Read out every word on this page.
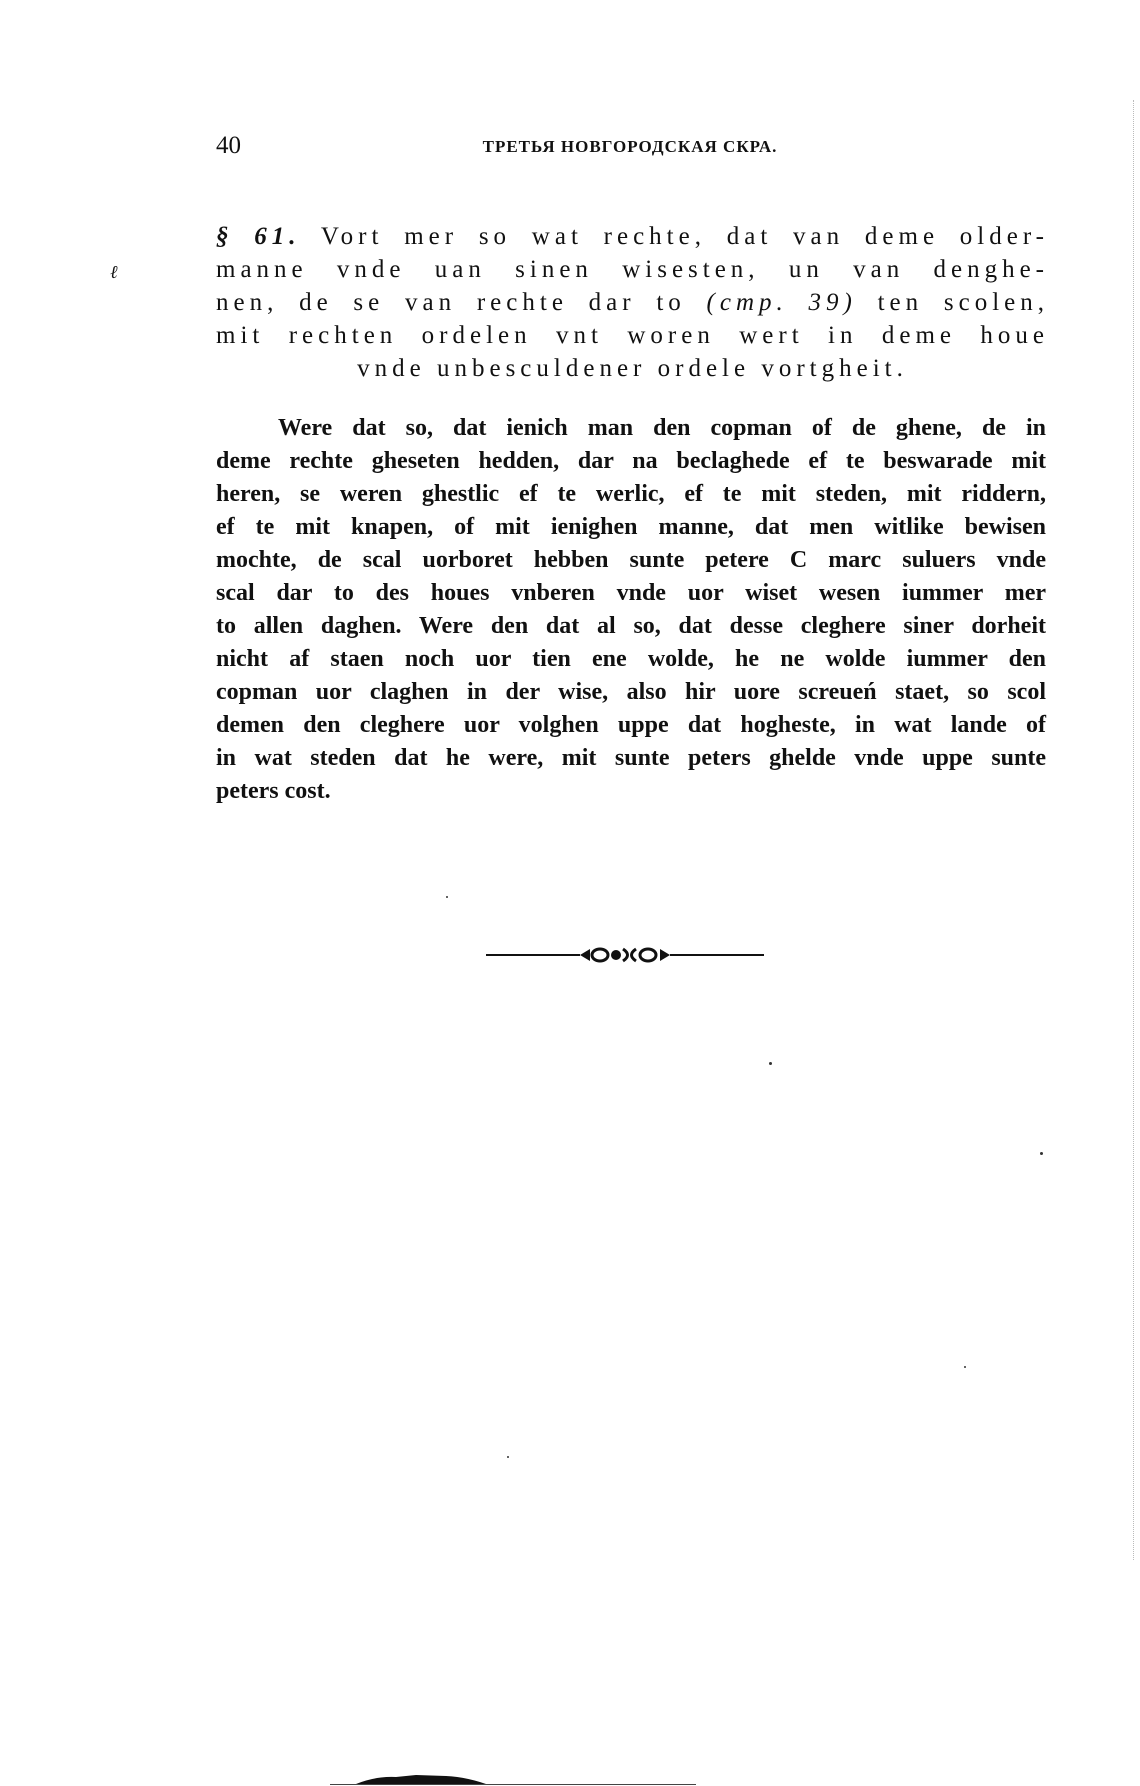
40	ТРЕТЬЯ НОВГОРОДСКАЯ СКРА.
ℓ
§ 61. Vort mer so wat rechte, dat van deme older-
manne vnde uan sinen wisesten, un van denghe-
nen, de se van rechte dar to (cmp. 39) ten scolen,
mit rechten ordelen vnt woren wert in deme houe
vnde unbesculdener ordele vortgheit.
Were dat so, dat ienich man den copman of de ghene, de in
deme rechte gheseten hedden, dar na beclaghede ef te beswarade mit
heren, se weren ghestlic ef te werlic, ef te mit steden, mit riddern,
ef te mit knapen, of mit ienighen manne, dat men witlike bewisen
mochte, de scal uorboret hebben sunte petere C marc suluers vnde
scal dar to des houes vnberen vnde uor wiset wesen iummer mer
to allen daghen. Were den dat al so, dat desse cleghere siner dorheit
nicht af staen noch uor tien ene wolde, he ne wolde iummer den
copman uor claghen in der wise, also hir uore screueń staet, so scol
demen den cleghere uor volghen uppe dat hogheste, in wat lande of
in wat steden dat he were, mit sunte peters ghelde vnde uppe sunte
peters cost.
